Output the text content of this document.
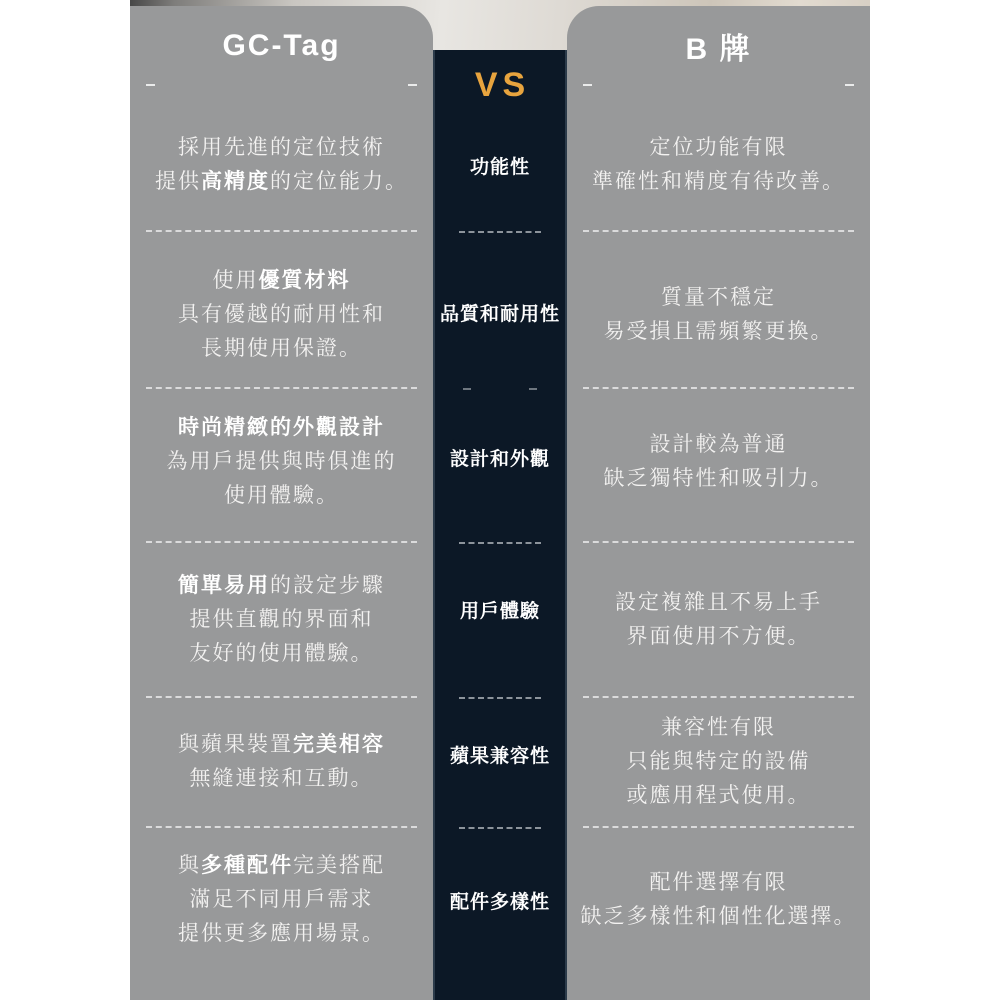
GC-Tag
採用先進的定位技術
提供高精度的定位能力。
使用優質材料
具有優越的耐用性和
長期使用保證。
時尚精緻的外觀設計
為用戶提供與時俱進的
使用體驗。
簡單易用的設定步驟
提供直觀的界面和
友好的使用體驗。
與蘋果裝置完美相容
無縫連接和互動。
與多種配件完美搭配
滿足不同用戶需求
提供更多應用場景。
VS
功能性
品質和耐用性
設計和外觀
用戶體驗
蘋果兼容性
配件多樣性
B 牌
定位功能有限
準確性和精度有待改善。
質量不穩定
易受損且需頻繁更換。
設計較為普通
缺乏獨特性和吸引力。
設定複雜且不易上手
界面使用不方便。
兼容性有限
只能與特定的設備
或應用程式使用。
配件選擇有限
缺乏多樣性和個性化選擇。
